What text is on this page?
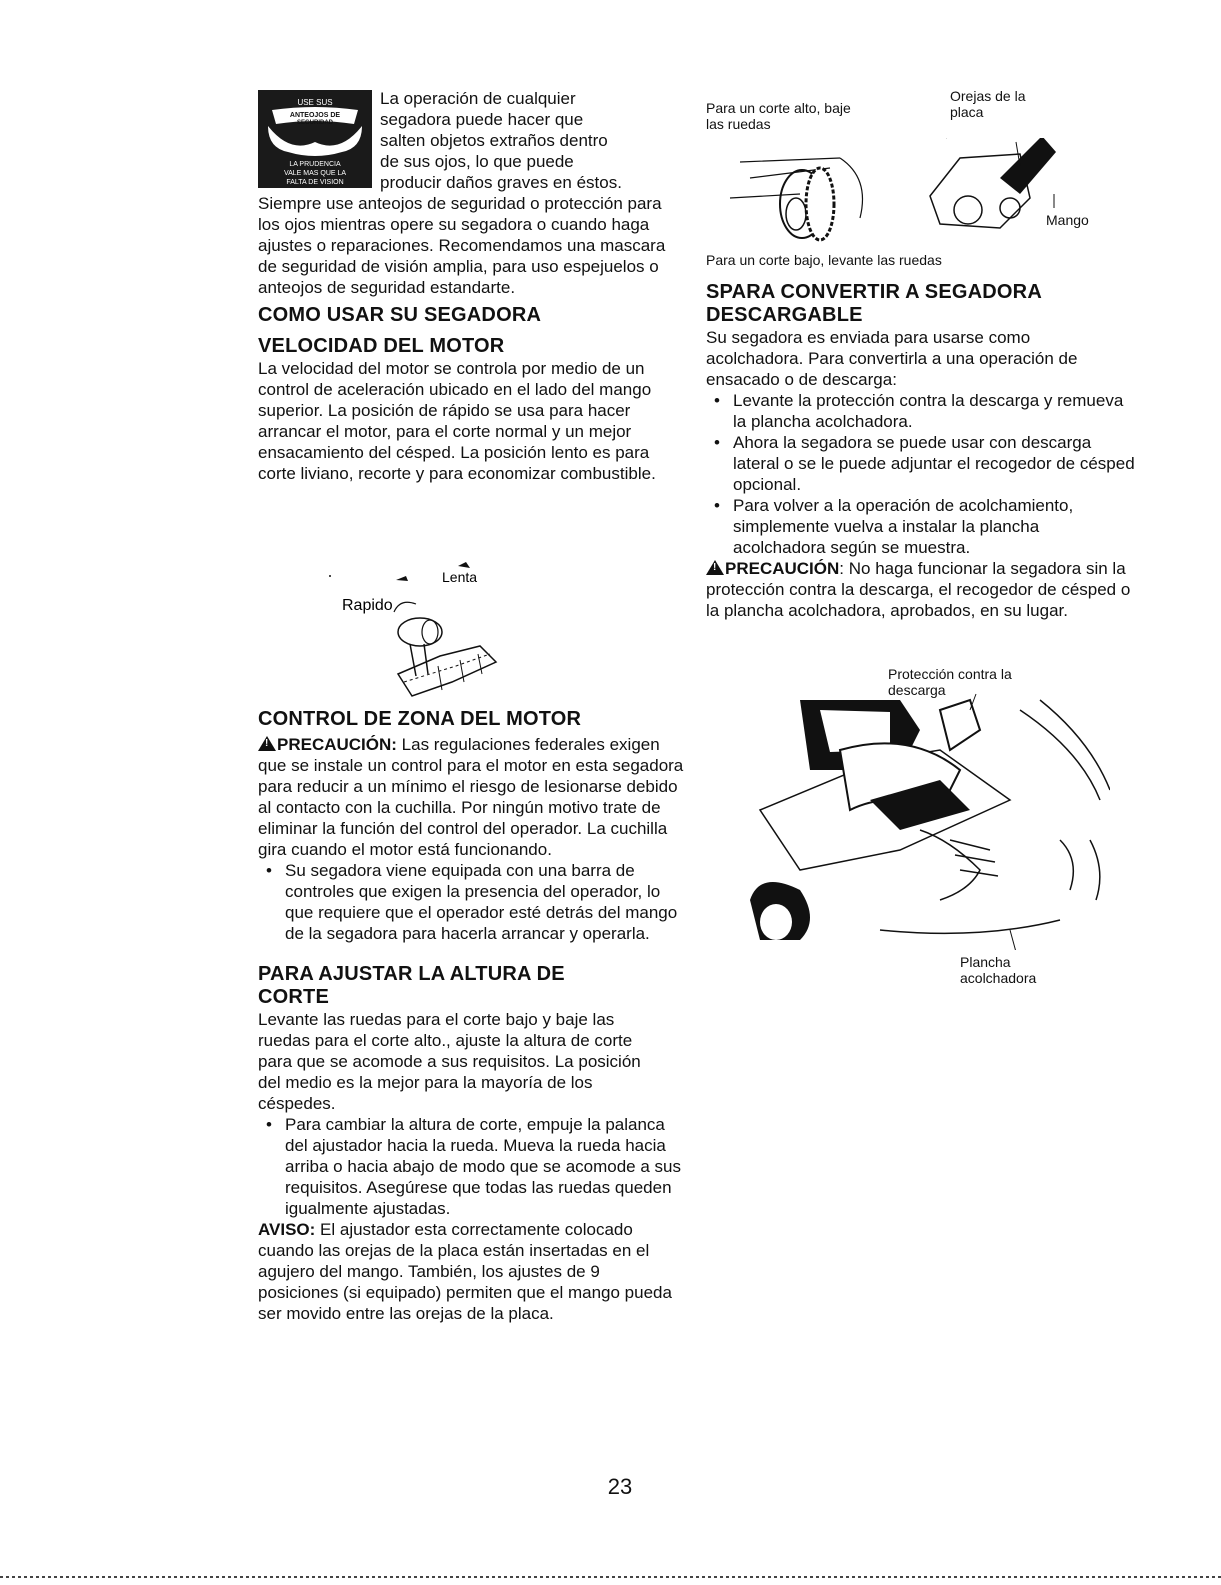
USE SUS
ANTEOJOS DE
SEGURIDAD
LA PRUDENCIA
VALE MAS QUE LA
FALTA DE VISION

La operación de cualquier

segadora puede hacer que

salten objetos extraños dentro

de sus ojos, lo que puede

producir daños graves en éstos.

Siempre use anteojos de seguridad o protección para los ojos mientras opere su segadora o cuando haga ajustes o reparaciones. Recomendamos una mascara de seguridad de visión amplia, para uso espejuelos o anteojos de seguridad estandarte.

COMO USAR SU SEGADORA
VELOCIDAD DEL MOTOR

La velocidad del motor se controla por medio de un control de aceleración ubicado en el lado del mango superior. La posición de rápido se usa para hacer arrancar el motor, para el corte normal y un mejor ensacamiento del césped. La posición lento es para corte liviano, recorte y para economizar combustible.

Lenta
Rapido
CONTROL DE ZONA DEL MOTOR

!PRECAUCIÓN: Las regulaciones federales exigen que se instale un control para el motor en esta segadora para reducir a un mínimo el riesgo de lesionarse debido al contacto con la cuchilla. Por ningún motivo trate de eliminar la función del control del operador. La cuchilla gira cuando el motor está funcionando.

• Su segadora viene equipada con una barra de controles que exigen la presencia del operador, lo que requiere que el operador esté detrás del mango de la segadora para hacerla arrancar y operarla.
PARA AJUSTAR LA ALTURA DE CORTE

Levante las ruedas para el corte bajo y baje las ruedas para el corte alto., ajuste la altura de corte para que se acomode a sus requisitos. La posición del medio es la mejor para la mayoría de los céspedes.

• Para cambiar la altura de corte, empuje la palanca del ajustador hacia la rueda. Mueva la rueda hacia arriba o hacia abajo de modo que se acomode a sus requisitos. Asegúrese que todas las ruedas queden igualmente ajustadas.

AVISO: El ajustador esta correctamente colocado cuando las orejas de la placa están insertadas en el agujero del mango. También, los ajustes de 9 posiciones (si equipado) permiten que el mango pueda ser movido entre las orejas de la placa.

Para un corte alto, baje las ruedas
Orejas de la placa
Mango
Para un corte bajo, levante las ruedas
SPARA CONVERTIR A SEGADORA DESCARGABLE

Su segadora es enviada para usarse como acolchadora. Para convertirla a una operación de ensacado o de descarga:

• Levante la protección contra la descarga y remueva la plancha acolchadora.
• Ahora la segadora se puede usar con descarga lateral o se le puede adjuntar el recogedor de césped opcional.
• Para volver a la operación de acolchamiento, simplemente vuelva a instalar la plancha acolchadora según se muestra.

!PRECAUCIÓN: No haga funcionar la segadora sin la protección contra la descarga, el recogedor de césped o la plancha acolchadora, aprobados, en su lugar.

Protección contra la descarga
Plancha acolchadora
23
